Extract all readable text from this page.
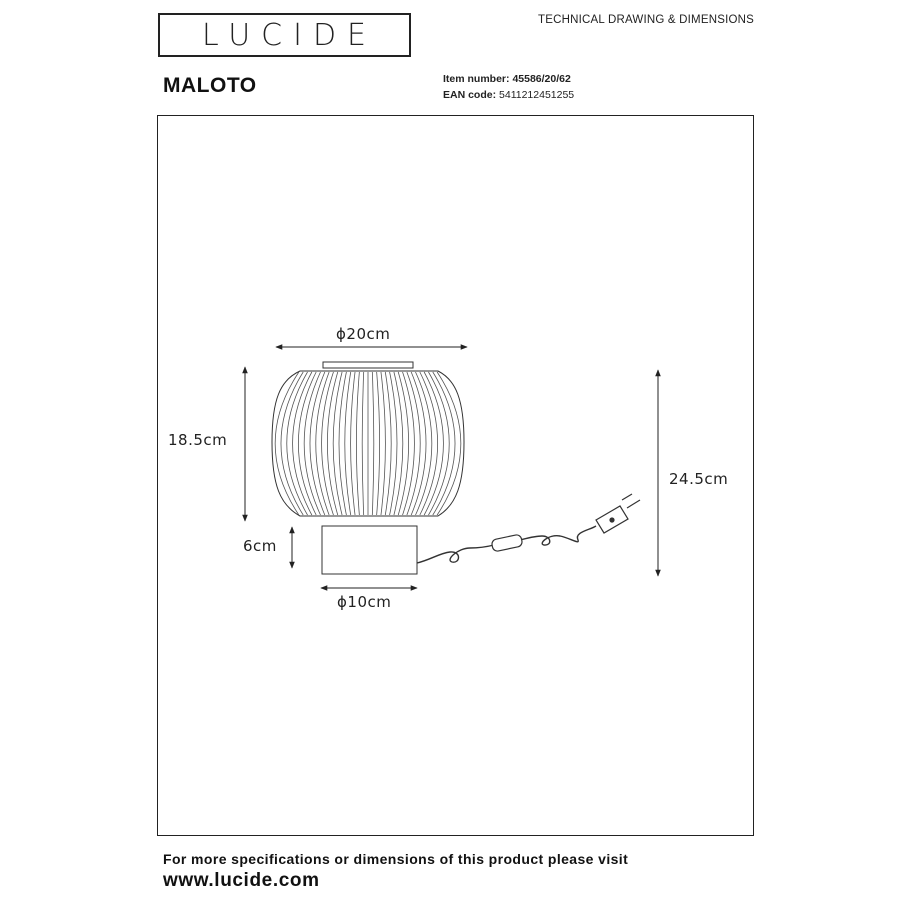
LUCIDE	TECHNICAL DRAWING & DIMENSIONS
MALOTO	Item number: 45586/20/62
EAN code: 5411212451255
ϕ20cm
18.5cm
6cm
ϕ10cm
24.5cm
For more specifications or dimensions of this product please visit
www.lucide.com
